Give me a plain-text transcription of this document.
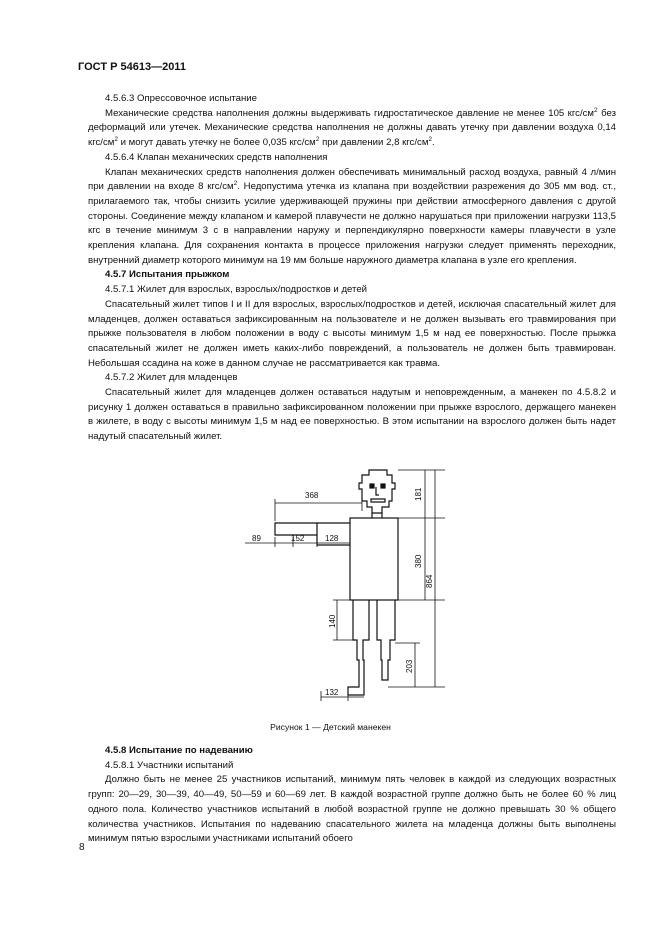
ГОСТ Р 54613—2011

4.5.6.3 Опрессовочное испытание

Механические средства наполнения должны выдерживать гидростатическое давление не менее 105 кгс/$см^2$ без деформаций или утечек. Механические средства наполнения не должны давать утечку при давлении воздуха 0,14 кгс/$см^2$ и могут давать утечку не более 0,035 кгс/$см^2$ при давлении 2,8 кгс/$см^2$.

4.5.6.4 Клапан механических средств наполнения

Клапан механических средств наполнения должен обеспечивать минимальный расход воздуха, равный 4 л/мин при давлении на входе 8 кгс/$см^2$. Недопустима утечка из клапана при воздействии разрежения до 305 мм вод. ст., прилагаемого так, чтобы снизить усилие удерживающей пружины при действии атмосферного давления с другой стороны. Соединение между клапаном и камерой плавучести не должно нарушаться при приложении нагрузки 113,5 кгс в течение минимум 3 с в направлении наружу и перпендикулярно поверхности камеры плавучести в узле крепления клапана. Для сохранения контакта в процессе приложения нагрузки следует применять переходник, внутренний диаметр которого минимум на 19 мм больше наружного диаметра клапана в узле его крепления.

4.5.7 Испытания прыжком

4.5.7.1 Жилет для взрослых, взрослых/подростков и детей

Спасательный жилет типов I и II для взрослых, взрослых/подростков и детей, исключая спасательный жилет для младенцев, должен оставаться зафиксированным на пользователе и не должен вызывать его травмирования при прыжке пользователя в любом положении в воду с высоты минимум 1,5 м над ее поверхностью. После прыжка спасательный жилет не должен иметь каких-либо повреждений, а пользователь не должен быть травмирован. Небольшая ссадина на коже в данном случае не рассматривается как травма.

4.5.7.2 Жилет для младенцев

Спасательный жилет для младенцев должен оставаться надутым и неповрежденным, а манекен по 4.5.8.2 и рисунку 1 должен оставаться в правильно зафиксированном положении при прыжке взрослого, держащего манекен в жилете, в воду с высоты минимум 1,5 м над ее поверхностью. В этом испытании на взрослого должен быть надет надутый спасательный жилет.

368
89	152	128
181
380
864
140
203
132
Рисунок 1 — Детский манекен

4.5.8 Испытание по надеванию

4.5.8.1 Участники испытаний

Должно быть не менее 25 участников испытаний, минимум пять человек в каждой из следующих возрастных групп: 20—29, 30—39, 40—49, 50—59 и 60—69 лет. В каждой возрастной группе должно быть не более 60 % лиц одного пола. Количество участников испытаний в любой возрастной группе не должно превышать 30 % общего количества участников. Испытания по надеванию спасательного жилета на младенца должны быть выполнены минимум пятью взрослыми участниками испытаний обоего

8
